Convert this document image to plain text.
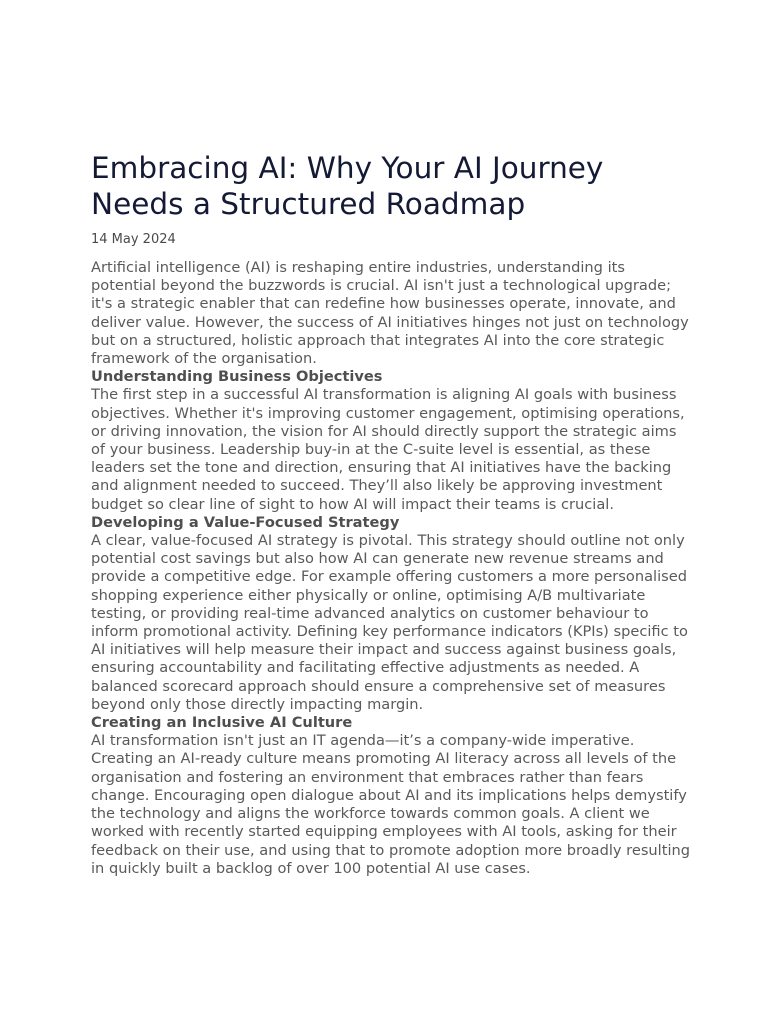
Embracing AI: Why Your AI Journey Needs a Structured Roadmap
14 May 2024

Artificial intelligence (AI) is reshaping entire industries, understanding its potential beyond the buzzwords is crucial. AI isn't just a technological upgrade; it's a strategic enabler that can redefine how businesses operate, innovate, and deliver value. However, the success of AI initiatives hinges not just on technology but on a structured, holistic approach that integrates AI into the core strategic framework of the organisation.

Understanding Business Objectives

The first step in a successful AI transformation is aligning AI goals with business objectives. Whether it's improving customer engagement, optimising operations, or driving innovation, the vision for AI should directly support the strategic aims of your business. Leadership buy-in at the C-suite level is essential, as these leaders set the tone and direction, ensuring that AI initiatives have the backing and alignment needed to succeed. They’ll also likely be approving investment budget so clear line of sight to how AI will impact their teams is crucial.

Developing a Value-Focused Strategy

A clear, value-focused AI strategy is pivotal. This strategy should outline not only potential cost savings but also how AI can generate new revenue streams and provide a competitive edge. For example offering customers a more personalised shopping experience either physically or online, optimising A/B multivariate testing, or providing real-time advanced analytics on customer behaviour to inform promotional activity. Defining key performance indicators (KPIs) specific to AI initiatives will help measure their impact and success against business goals, ensuring accountability and facilitating effective adjustments as needed. A balanced scorecard approach should ensure a comprehensive set of measures beyond only those directly impacting margin.

Creating an Inclusive AI Culture

AI transformation isn't just an IT agenda—it’s a company-wide imperative. Creating an AI-ready culture means promoting AI literacy across all levels of the organisation and fostering an environment that embraces rather than fears change. Encouraging open dialogue about AI and its implications helps demystify the technology and aligns the workforce towards common goals. A client we worked with recently started equipping employees with AI tools, asking for their feedback on their use, and using that to promote adoption more broadly resulting in quickly built a backlog of over 100 potential AI use cases.
